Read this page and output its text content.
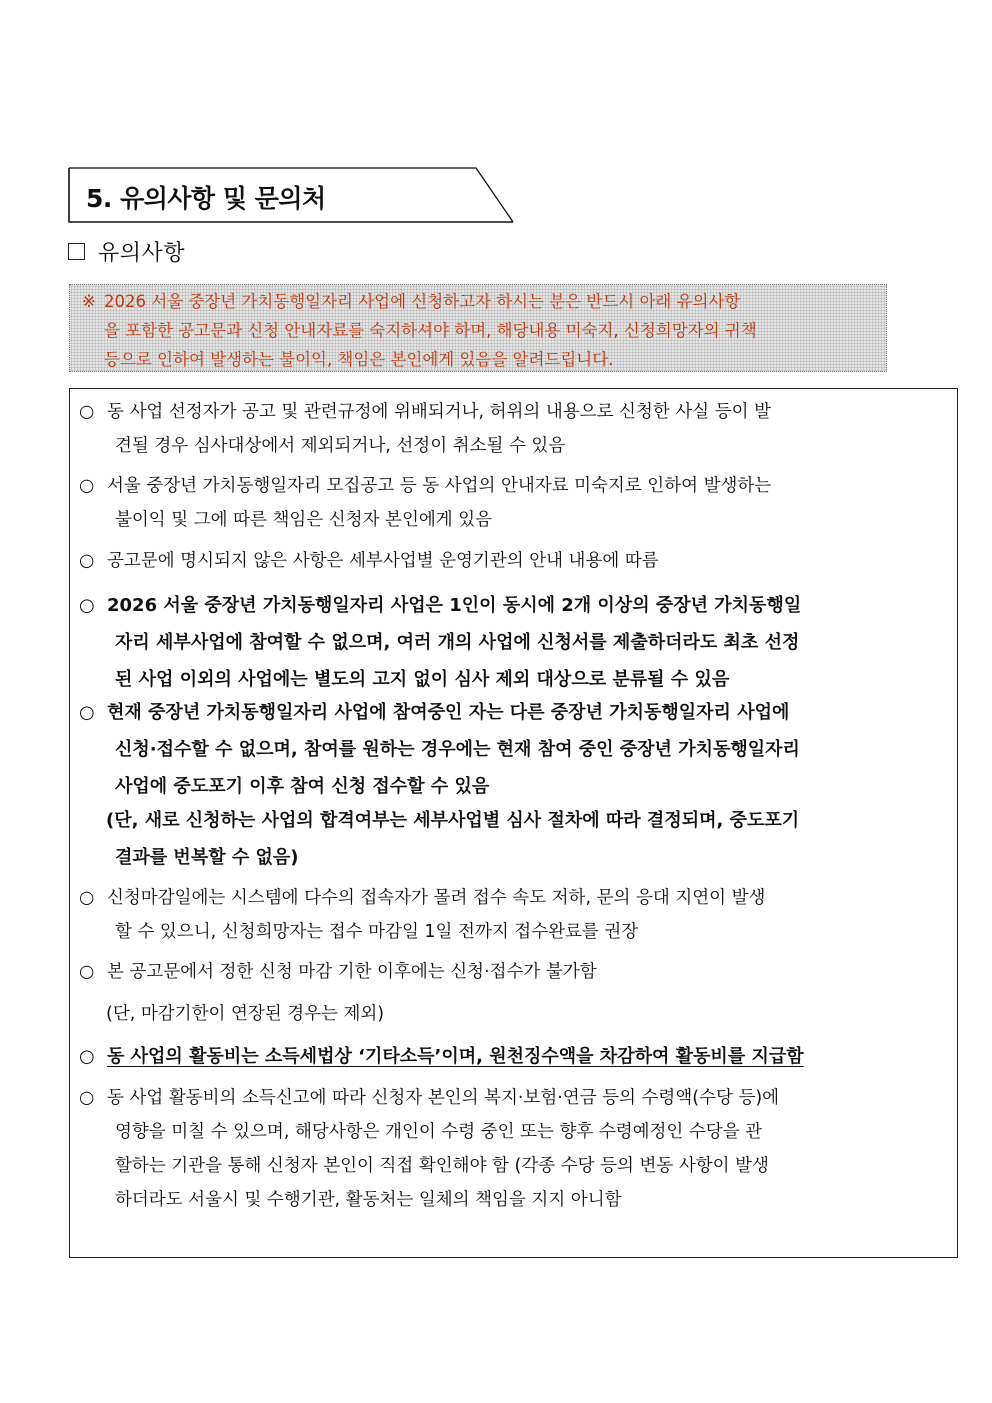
5. 유의사항 및 문의처
유의사항
※ 2026 서울 중장년 가치동행일자리 사업에 신청하고자 하시는 분은 반드시 아래 유의사항
을 포함한 공고문과 신청 안내자료를 숙지하셔야 하며, 해당내용 미숙지, 신청희망자의 귀책
등으로 인하여 발생하는 불이익, 책임은 본인에게 있음을 알려드립니다.
○ 동 사업 선정자가 공고 및 관련규정에 위배되거나, 허위의 내용으로 신청한 사실 등이 발
견될 경우 심사대상에서 제외되거나, 선정이 취소될 수 있음
○ 서울 중장년 가치동행일자리 모집공고 등 동 사업의 안내자료 미숙지로 인하여 발생하는
불이익 및 그에 따른 책임은 신청자 본인에게 있음
○ 공고문에 명시되지 않은 사항은 세부사업별 운영기관의 안내 내용에 따름
○ 2026 서울 중장년 가치동행일자리 사업은 1인이 동시에 2개 이상의 중장년 가치동행일
자리 세부사업에 참여할 수 없으며, 여러 개의 사업에 신청서를 제출하더라도 최초 선정
된 사업 이외의 사업에는 별도의 고지 없이 심사 제외 대상으로 분류될 수 있음
○ 현재 중장년 가치동행일자리 사업에 참여중인 자는 다른 중장년 가치동행일자리 사업에
신청·접수할 수 없으며, 참여를 원하는 경우에는 현재 참여 중인 중장년 가치동행일자리
사업에 중도포기 이후 참여 신청 접수할 수 있음
(단, 새로 신청하는 사업의 합격여부는 세부사업별 심사 절차에 따라 결정되며, 중도포기
결과를 번복할 수 없음)
○ 신청마감일에는 시스템에 다수의 접속자가 몰려 접수 속도 저하, 문의 응대 지연이 발생
할 수 있으니, 신청희망자는 접수 마감일 1일 전까지 접수완료를 권장
○ 본 공고문에서 정한 신청 마감 기한 이후에는 신청·접수가 불가함
(단, 마감기한이 연장된 경우는 제외)
○ 동 사업의 활동비는 소득세법상 ‘기타소득’이며, 원천징수액을 차감하여 활동비를 지급함
○ 동 사업 활동비의 소득신고에 따라 신청자 본인의 복지·보험·연금 등의 수령액(수당 등)에
영향을 미칠 수 있으며, 해당사항은 개인이 수령 중인 또는 향후 수령예정인 수당을 관
할하는 기관을 통해 신청자 본인이 직접 확인해야 함 (각종 수당 등의 변동 사항이 발생
하더라도 서울시 및 수행기관, 활동처는 일체의 책임을 지지 아니함
